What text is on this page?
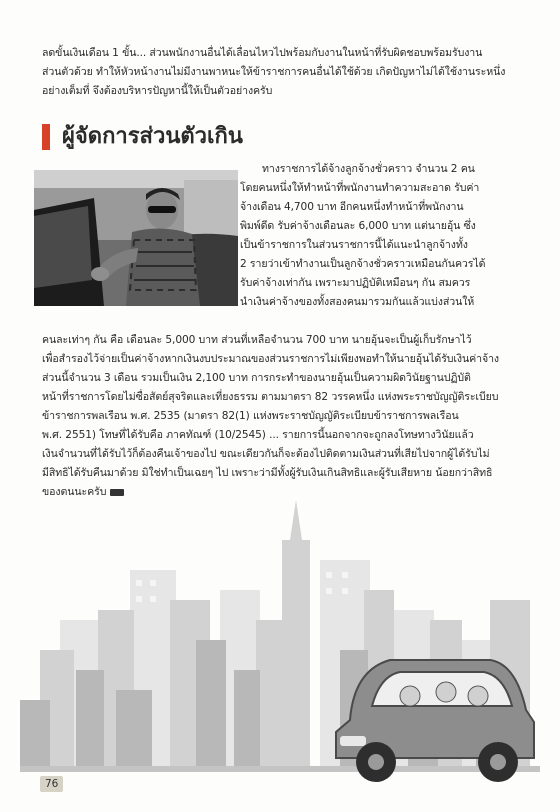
ลดขั้นเงินเดือน 1 ขั้น... ส่วนพนักงานอื่นได้เลื่อนไหวไปพร้อมกับงานในหน้าที่รับผิดชอบพร้อมรับงาน
ส่วนตัวด้วย ทำให้หัวหน้างานไม่มีงานพาหนะให้ข้าราชการคนอื่นได้ใช้ด้วย เกิดปัญหาไม่ได้ใช้งานระหนึ่ง
อย่างเต็มที่ จึงต้องบริหารปัญหานี้ให้เป็นตัวอย่างครับ
ผู้จัดการส่วนตัวเกิน
ทางราชการได้จ้างลูกจ้างชั่วคราว จำนวน 2 คน
โดยคนหนึ่งให้ทำหน้าที่พนักงานทำความสะอาด รับค่า
จ้างเดือน 4,700 บาท อีกคนหนึ่งทำหน้าที่พนักงาน
พิมพ์ดีด รับค่าจ้างเดือนละ 6,000 บาท แต่นายอุ้น ซึ่ง
เป็นข้าราชการในส่วนราชการนี้ได้แนะนำลูกจ้างทั้ง
2 รายว่าเข้าทำงานเป็นลูกจ้างชั่วคราวเหมือนกันควรได้
รับค่าจ้างเท่ากัน เพราะมาปฏิบัติเหมือนๆ กัน สมควร
นำเงินค่าจ้างของทั้งสองคนมารวมกันแล้วแบ่งส่วนให้
คนละเท่าๆ กัน คือ เดือนละ 5,000 บาท ส่วนที่เหลือจำนวน 700 บาท นายอุ้นจะเป็นผู้เก็บรักษาไว้
เพื่อสำรองไว้จ่ายเป็นค่าจ้างหากเงินงบประมาณของส่วนราชการไม่เพียงพอทำให้นายอุ้นได้รับเงินค่าจ้าง
ส่วนนี้จำนวน 3 เดือน รวมเป็นเงิน 2,100 บาท การกระทำของนายอุ้นเป็นความผิดวินัยฐานปฏิบัติ
หน้าที่ราชการโดยไม่ซื่อสัตย์สุจริตและเที่ยงธรรม ตามมาตรา 82 วรรคหนึ่ง แห่งพระราชบัญญัติระเบียบ
ข้าราชการพลเรือน พ.ศ. 2535 (มาตรา 82(1) แห่งพระราชบัญญัติระเบียบข้าราชการพลเรือน
พ.ศ. 2551) โทษที่ได้รับคือ ภาคทัณฑ์ (10/2545) ... รายการนี้นอกจากจะถูกลงโทษทางวินัยแล้ว
เงินจำนวนที่ได้รับไว้ก็ต้องคืนเจ้าของไป ขณะเดียวกันก็จะต้องไปติดตามเงินส่วนที่เสียไปจากผู้ได้รับไม่
มีสิทธิได้รับคืนมาด้วย มิใช่ทำเป็นเฉยๆ ไป เพราะว่ามีทั้งผู้รับเงินเกินสิทธิและผู้รับเสียหาย น้อยกว่าสิทธิ
ของตนนะครับ
76
